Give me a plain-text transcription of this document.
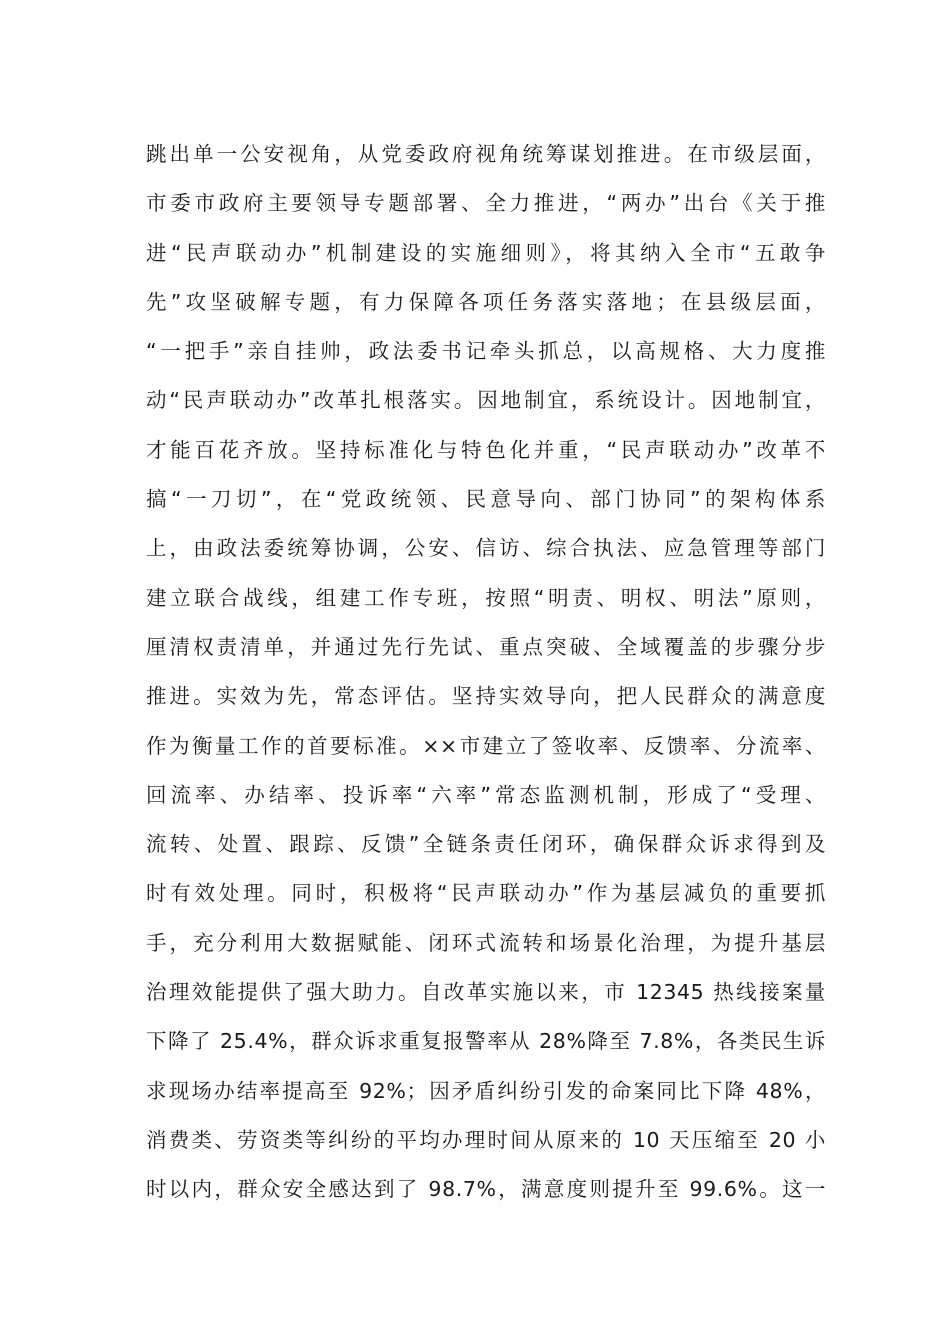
跳出单一公安视角，从党委政府视角统筹谋划推进。在市级层面，
市委市政府主要领导专题部署、全力推进，“两办”出台《关于推
进“民声联动办”机制建设的实施细则》，将其纳入全市“五敢争
先”攻坚破解专题，有力保障各项任务落实落地；在县级层面，
“一把手”亲自挂帅，政法委书记牵头抓总，以高规格、大力度推
动“民声联动办”改革扎根落实。因地制宜，系统设计。因地制宜，
才能百花齐放。坚持标准化与特色化并重，“民声联动办”改革不
搞“一刀切”，在“党政统领、民意导向、部门协同”的架构体系
上，由政法委统筹协调，公安、信访、综合执法、应急管理等部门
建立联合战线，组建工作专班，按照“明责、明权、明法”原则，
厘清权责清单，并通过先行先试、重点突破、全域覆盖的步骤分步
推进。实效为先，常态评估。坚持实效导向，把人民群众的满意度
作为衡量工作的首要标准。××市建立了签收率、反馈率、分流率、
回流率、办结率、投诉率“六率”常态监测机制，形成了“受理、
流转、处置、跟踪、反馈”全链条责任闭环，确保群众诉求得到及
时有效处理。同时，积极将“民声联动办”作为基层减负的重要抓
手，充分利用大数据赋能、闭环式流转和场景化治理，为提升基层
治理效能提供了强大助力。自改革实施以来，市 12345 热线接案量
下降了 25.4%，群众诉求重复报警率从 28%降至 7.8%，各类民生诉
求现场办结率提高至 92%；因矛盾纠纷引发的命案同比下降 48%，
消费类、劳资类等纠纷的平均办理时间从原来的 10 天压缩至 20 小
时以内，群众安全感达到了 98.7%，满意度则提升至 99.6%。这一
